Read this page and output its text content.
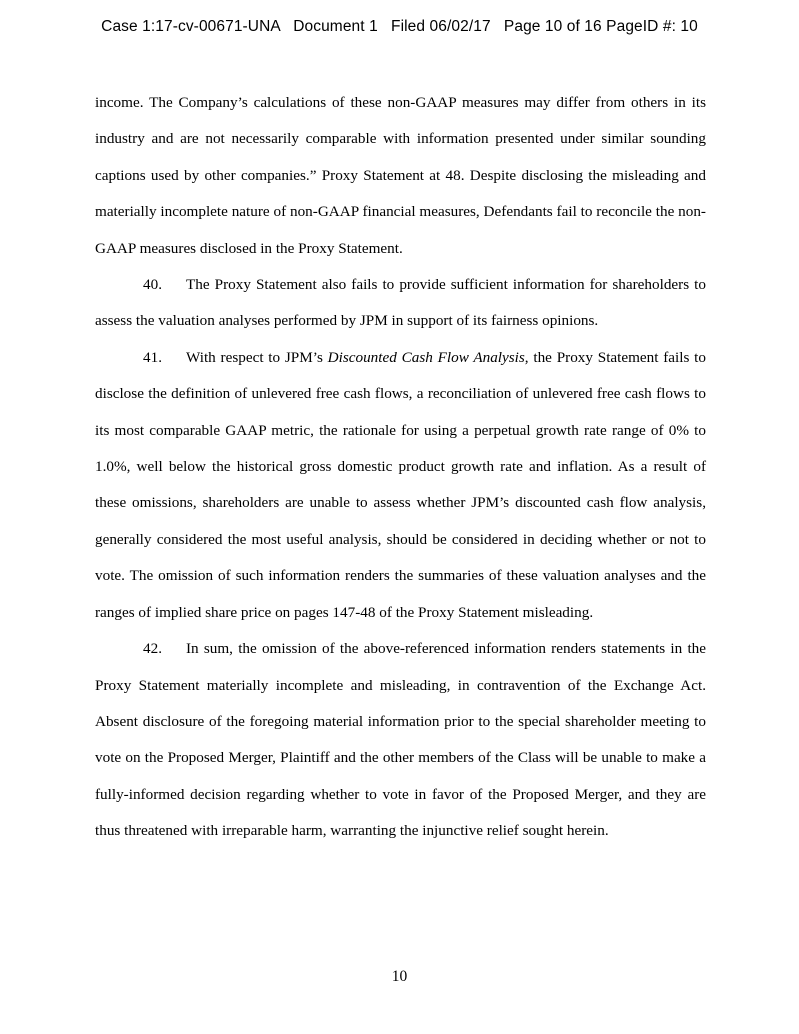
Case 1:17-cv-00671-UNA Document 1 Filed 06/02/17 Page 10 of 16 PageID #: 10

income. The Company’s calculations of these non-GAAP measures may differ from others in its industry and are not necessarily comparable with information presented under similar sounding captions used by other companies.” Proxy Statement at 48. Despite disclosing the misleading and materially incomplete nature of non-GAAP financial measures, Defendants fail to reconcile the non-GAAP measures disclosed in the Proxy Statement.

40. The Proxy Statement also fails to provide sufficient information for shareholders to assess the valuation analyses performed by JPM in support of its fairness opinions.

41. With respect to JPM’s Discounted Cash Flow Analysis, the Proxy Statement fails to disclose the definition of unlevered free cash flows, a reconciliation of unlevered free cash flows to its most comparable GAAP metric, the rationale for using a perpetual growth rate range of 0% to 1.0%, well below the historical gross domestic product growth rate and inflation. As a result of these omissions, shareholders are unable to assess whether JPM’s discounted cash flow analysis, generally considered the most useful analysis, should be considered in deciding whether or not to vote. The omission of such information renders the summaries of these valuation analyses and the ranges of implied share price on pages 147-48 of the Proxy Statement misleading.

42. In sum, the omission of the above-referenced information renders statements in the Proxy Statement materially incomplete and misleading, in contravention of the Exchange Act. Absent disclosure of the foregoing material information prior to the special shareholder meeting to vote on the Proposed Merger, Plaintiff and the other members of the Class will be unable to make a fully-informed decision regarding whether to vote in favor of the Proposed Merger, and they are thus threatened with irreparable harm, warranting the injunctive relief sought herein.

10
